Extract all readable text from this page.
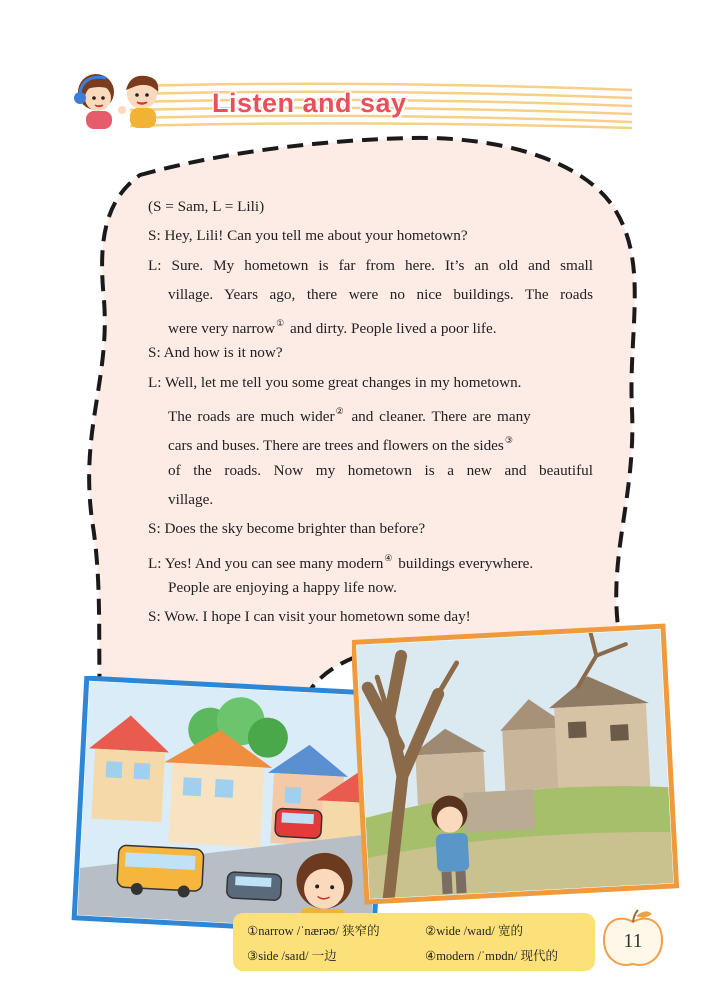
Listen and say
(S = Sam, L = Lili)
S: Hey, Lili! Can you tell me about your hometown?
L: Sure. My hometown is far from here. It’s an old and small
village. Years ago, there were no nice buildings. The roads
were very narrow① and dirty. People lived a poor life.
S: And how is it now?
L: Well, let me tell you some great changes in my hometown.
The roads are much wider② and cleaner. There are many
cars and buses. There are trees and flowers on the sides③
of the roads. Now my hometown is a new and beautiful
village.
S: Does the sky become brighter than before?
L: Yes! And you can see many modern④ buildings everywhere.
People are enjoying a happy life now.
S: Wow. I hope I can visit your hometown some day!
①narrow /ˈnærəʊ/ 狭窄的	②wide /waɪd/ 宽的
③side /saɪd/ 一边	④modern /ˈmɒdn/ 现代的
11
